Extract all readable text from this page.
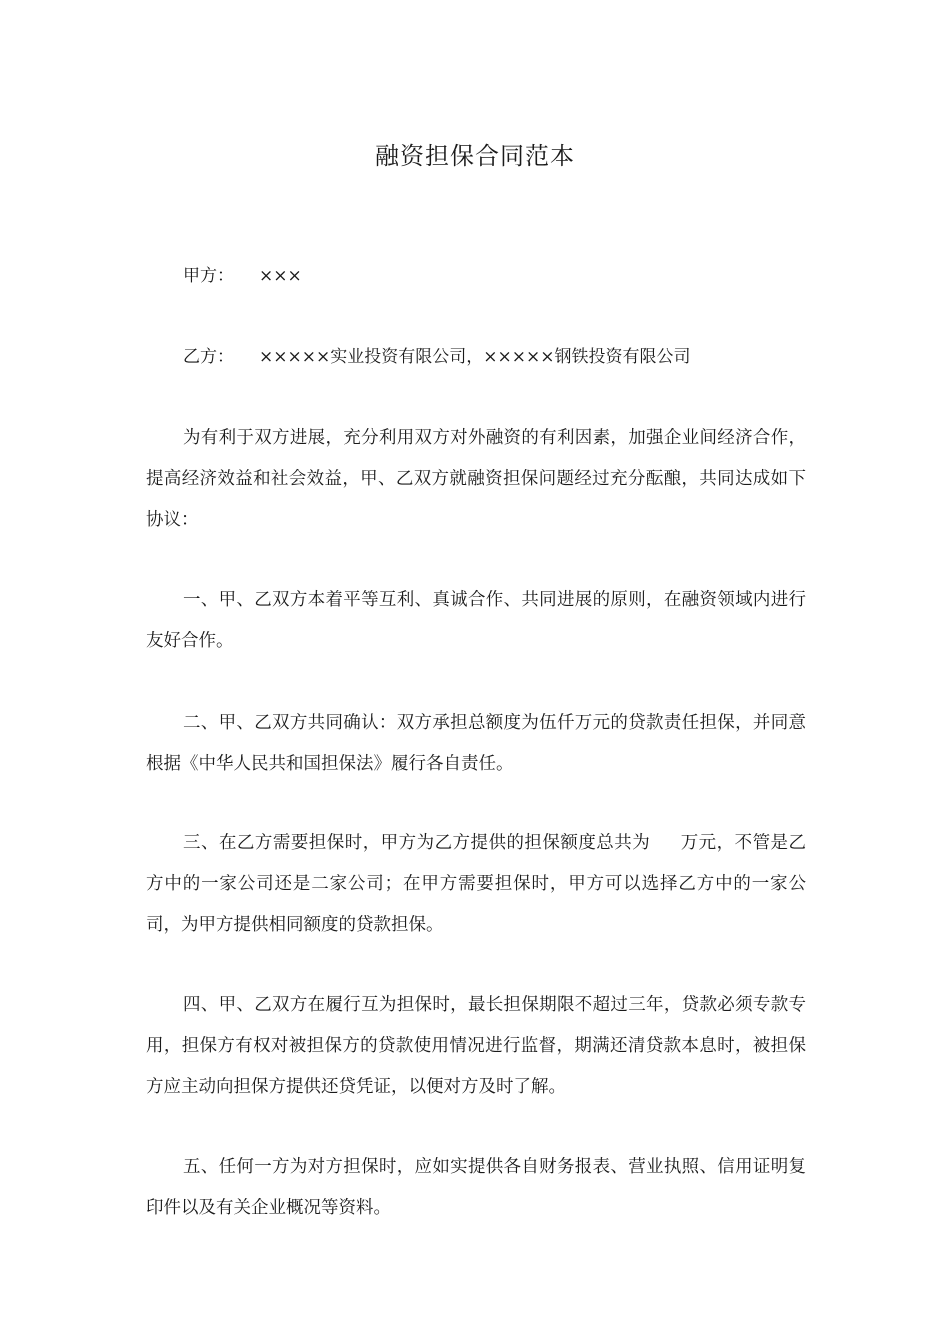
融资担保合同范本
甲方： ×××
乙方： ×××××实业投资有限公司，×××××钢铁投资有限公司
为有利于双方进展，充分利用双方对外融资的有利因素，加强企业间经济合作，提高经济效益和社会效益，甲、乙双方就融资担保问题经过充分酝酿，共同达成如下协议：
一、甲、乙双方本着平等互利、真诚合作、共同进展的原则，在融资领域内进行友好合作。
二、甲、乙双方共同确认：双方承担总额度为伍仟万元的贷款责任担保，并同意根据《中华人民共和国担保法》履行各自责任。
三、在乙方需要担保时，甲方为乙方提供的担保额度总共为 万元，不管是乙方中的一家公司还是二家公司；在甲方需要担保时，甲方可以选择乙方中的一家公司，为甲方提供相同额度的贷款担保。
四、甲、乙双方在履行互为担保时，最长担保期限不超过三年，贷款必须专款专用，担保方有权对被担保方的贷款使用情况进行监督，期满还清贷款本息时，被担保方应主动向担保方提供还贷凭证，以便对方及时了解。
五、任何一方为对方担保时，应如实提供各自财务报表、营业执照、信用证明复印件以及有关企业概况等资料。
